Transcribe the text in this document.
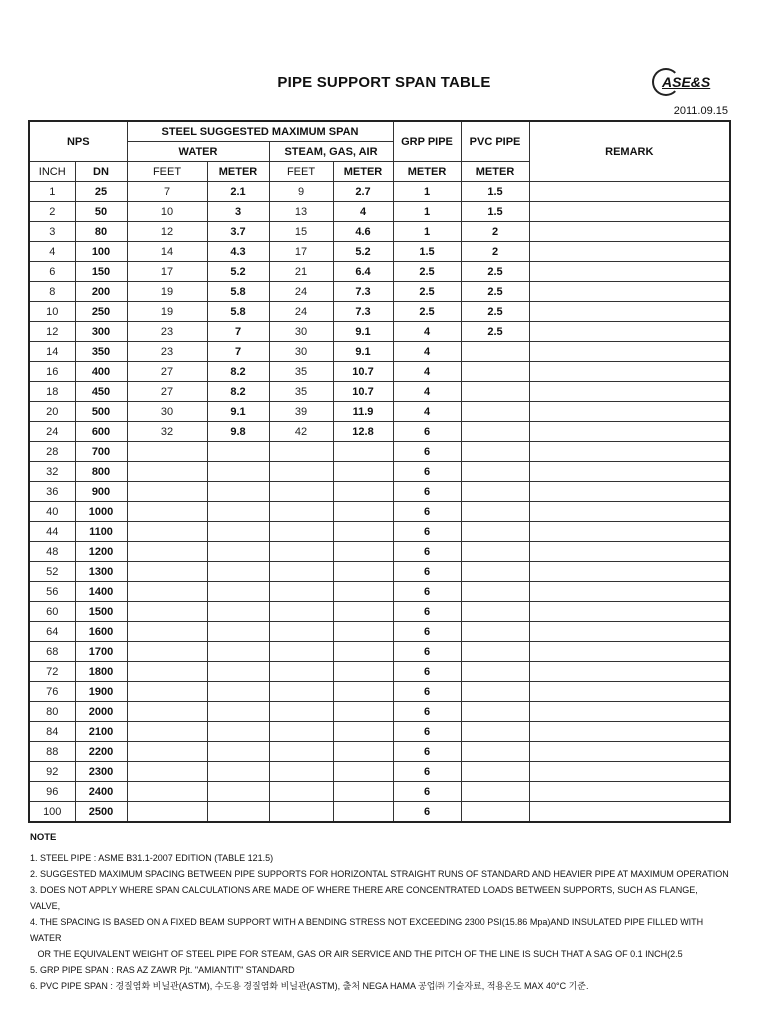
PIPE SUPPORT SPAN TABLE	ASE&S
2011.09.15
NPS		STEEL SUGGESTED MAXIMUM SPAN				GRP PIPE	PVC PIPE	REMARK
		WATER		STEAM, GAS, AIR				
INCH	DN	FEET	METER	FEET	METER	METER	METER	
1	25	7	2.1	9	2.7	1	1.5	
2	50	10	3	13	4	1	1.5	
3	80	12	3.7	15	4.6	1	2	
4	100	14	4.3	17	5.2	1.5	2	
6	150	17	5.2	21	6.4	2.5	2.5	
8	200	19	5.8	24	7.3	2.5	2.5	
10	250	19	5.8	24	7.3	2.5	2.5	
12	300	23	7	30	9.1	4	2.5	
14	350	23	7	30	9.1	4		
16	400	27	8.2	35	10.7	4		
18	450	27	8.2	35	10.7	4		
20	500	30	9.1	39	11.9	4		
24	600	32	9.8	42	12.8	6		
28	700					6		
32	800					6		
36	900					6		
40	1000					6		
44	1100					6		
48	1200					6		
52	1300					6		
56	1400					6		
60	1500					6		
64	1600					6		
68	1700					6		
72	1800					6		
76	1900					6		
80	2000					6		
84	2100					6		
88	2200					6		
92	2300					6		
96	2400					6		
100	2500					6		
NOTE
1. STEEL PIPE : ASME B31.1-2007 EDITION (TABLE 121.5)
2. SUGGESTED MAXIMUM SPACING BETWEEN PIPE SUPPORTS FOR HORIZONTAL STRAIGHT RUNS OF STANDARD AND HEAVIER PIPE AT MAXIMUM OPERATION
3. DOES NOT APPLY WHERE SPAN CALCULATIONS ARE MADE OF WHERE THERE ARE CONCENTRATED LOADS BETWEEN SUPPORTS, SUCH AS FLANGE, VALVE,
4. THE SPACING IS BASED ON A FIXED BEAM SUPPORT WITH A BENDING STRESS NOT EXCEEDING 2300 PSI(15.86 Mpa)AND INSULATED PIPE FILLED WITH WATER
OR THE EQUIVALENT WEIGHT OF STEEL PIPE FOR STEAM, GAS OR AIR SERVICE AND THE PITCH OF THE LINE IS SUCH THAT A SAG OF 0.1 INCH(2.5
5. GRP PIPE SPAN : RAS AZ ZAWR Pjt. "AMIANTIT" STANDARD
6. PVC PIPE SPAN : 경질염화 비닐관(ASTM), 수도용 경질염화 비닐관(ASTM), 출처 NEGA HAMA 공업㈜ 기술자료, 적용온도 MAX 40°C 기준.
